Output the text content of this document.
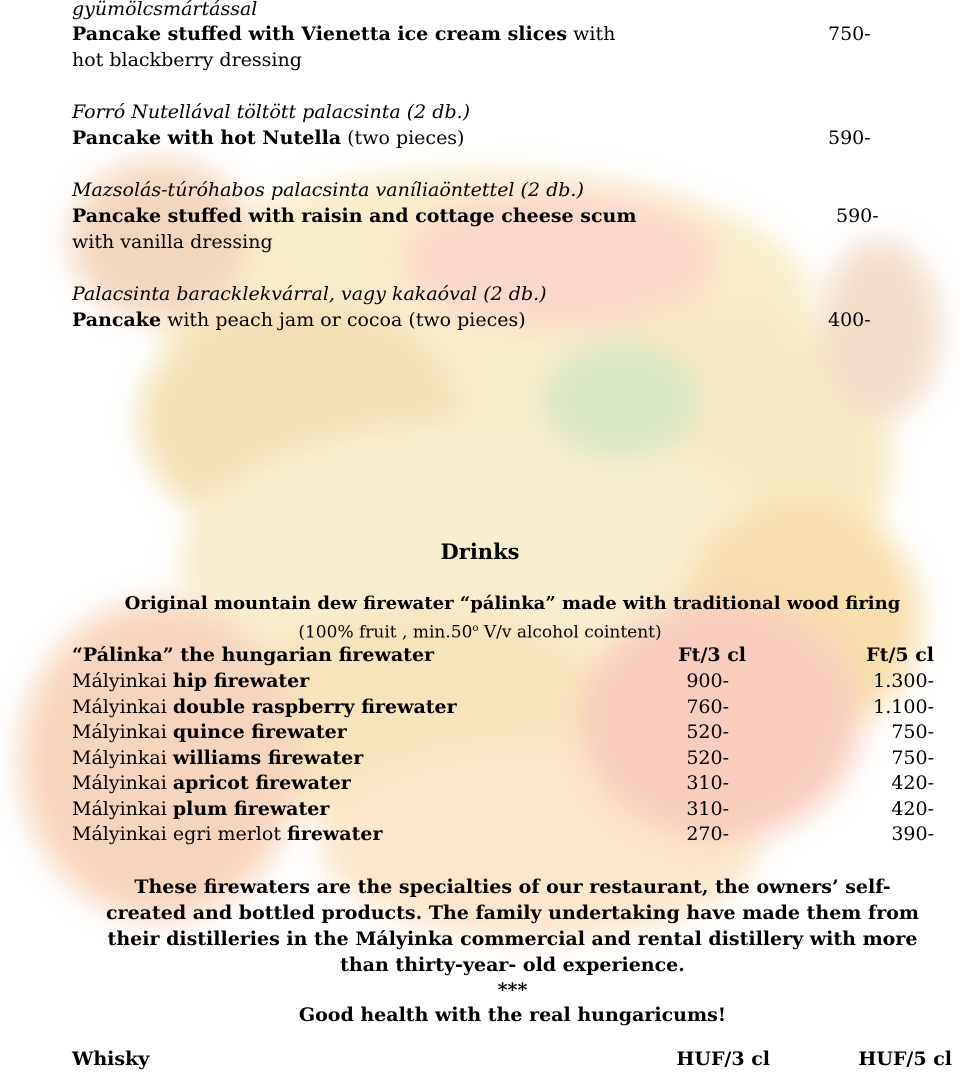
gyümölcsmártással
Pancake stuffed with Vienetta ice cream slices with	750-
hot blackberry dressing
Forró Nutellával töltött palacsinta (2 db.)
Pancake with hot Nutella (two pieces)	590-
Mazsolás-túróhabos palacsinta vaníliaöntettel (2 db.)
Pancake stuffed with raisin and cottage cheese scum	590-
with vanilla dressing
Palacsinta baracklekvárral, vagy kakaóval (2 db.)
Pancake with peach jam or cocoa (two pieces)	400-
Drinks
Original mountain dew firewater “pálinka” made with traditional wood firing
(100% fruit , min.50$^o$ V/v alcohol cointent)
“Pálinka” the hungarian firewater	Ft/3 cl	Ft/5 cl
Mályinkai hip firewater	900-	1.300-
Mályinkai double raspberry firewater	760-	1.100-
Mályinkai quince firewater	520-	750-
Mályinkai williams firewater	520-	750-
Mályinkai apricot firewater	310-	420-
Mályinkai plum firewater	310-	420-
Mályinkai egri merlot firewater	270-	390-
These firewaters are the specialties of our restaurant, the owners’ self-
created and bottled products. The family undertaking have made them from
their distilleries in the Mályinka commercial and rental distillery with more
than thirty-year- old experience.
***
Good health with the real hungaricums!
Whisky	HUF/3 cl	HUF/5 cl
